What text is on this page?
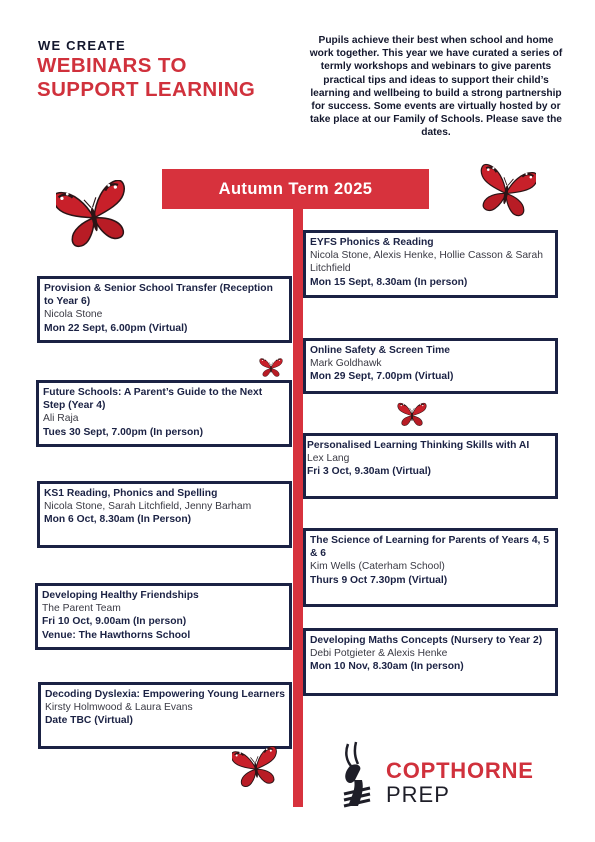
WE CREATE
WEBINARS TO
SUPPORT LEARNING
Pupils achieve their best when school and home work together. This year we have curated a series of termly workshops and webinars to give parents practical tips and ideas to support their child’s learning and wellbeing to build a strong partnership for success. Some events are virtually hosted by or take place at our Family of Schools. Please save the dates.
Autumn Term 2025
Provision & Senior School Transfer (Reception to Year 6)
Nicola Stone
Mon 22 Sept, 6.00pm (Virtual)
Future Schools: A Parent’s Guide to the Next Step (Year 4)
Ali Raja
Tues 30 Sept, 7.00pm (In person)
KS1 Reading, Phonics and Spelling
Nicola Stone, Sarah Litchfield, Jenny Barham
Mon 6 Oct, 8.30am (In Person)
Developing Healthy Friendships
The Parent Team
Fri 10 Oct, 9.00am (In person)
Venue: The Hawthorns School
Decoding Dyslexia: Empowering Young Learners
Kirsty Holmwood & Laura Evans
Date TBC (Virtual)
EYFS Phonics & Reading
Nicola Stone, Alexis Henke, Hollie Casson & Sarah Litchfield
Mon 15 Sept, 8.30am (In person)
Online Safety & Screen Time
Mark Goldhawk
Mon 29 Sept, 7.00pm (Virtual)
Personalised Learning Thinking Skills with AI
Lex Lang
Fri 3 Oct, 9.30am (Virtual)
The Science of Learning for Parents of Years 4, 5 & 6
Kim Wells (Caterham School)
Thurs 9 Oct 7.30pm (Virtual)
Developing Maths Concepts (Nursery to Year 2)
Debi Potgieter & Alexis Henke
Mon 10 Nov, 8.30am (In person)
COPTHORNE
PREP
